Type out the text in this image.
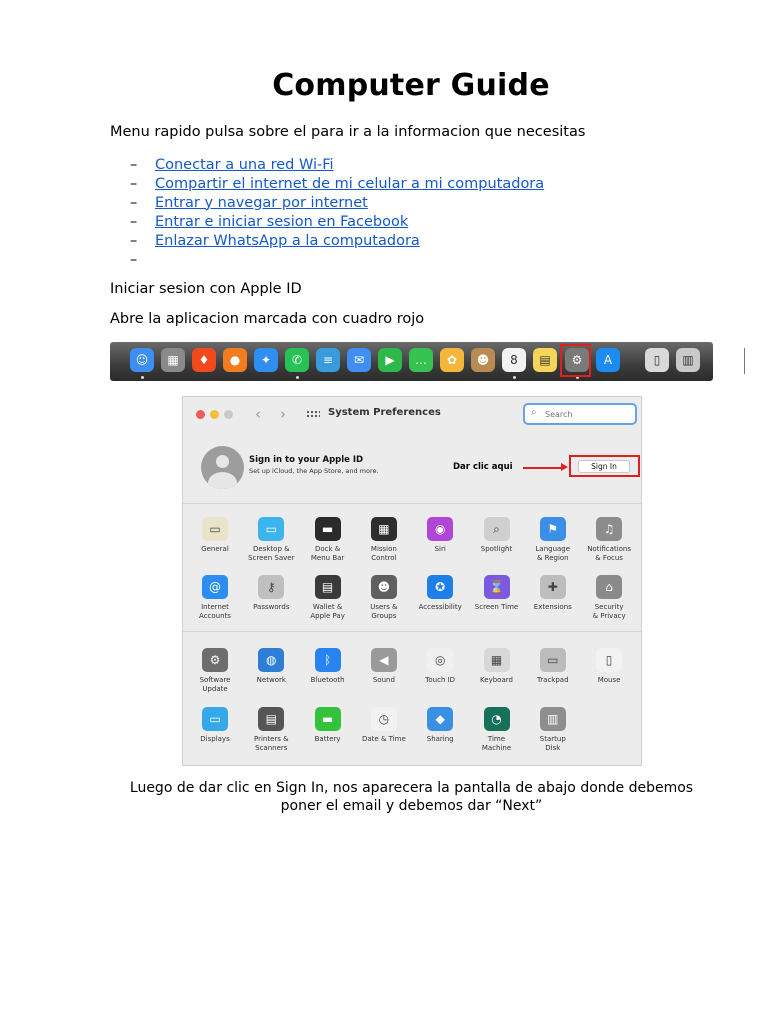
Computer Guide
Menu rapido pulsa sobre el para ir a la informacion que necesitas
–	Conectar a una red Wi-Fi
–	Compartir el internet de mi celular a mi computadora
–	Entrar y navegar por internet
–	Entrar e iniciar sesion en Facebook
–	Enlazar WhatsApp a la computadora
–
Iniciar sesion con Apple ID
Abre la aplicacion marcada con cuadro rojo
☺	▦	♦	●	✦	✆	≡	✉	▶	…	✿	☻	8	▤	⚙	A	▯	▥
‹ ›	System Preferences	⌕
Search
Sign in to your Apple ID
Set up iCloud, the App Store, and more.	Dar clic aqui	Sign In
▭
General
▭
Desktop &
Screen Saver
▬
Dock &
Menu Bar
▦
Mission
Control
◉
Siri
⌕
Spotlight
⚑
Language
& Region
♫
Notifications
& Focus
@
Internet
Accounts
⚷
Passwords
▤
Wallet &
Apple Pay
☻
Users &
Groups
✪
Accessibility
⌛
Screen Time
✚
Extensions
⌂
Security
& Privacy
⚙
Software
Update
◍
Network
ᛒ
Bluetooth
◀
Sound
◎
Touch ID
▦
Keyboard
▭
Trackpad
▯
Mouse
▭
Displays
▤
Printers &
Scanners
▬
Battery
◷
Date & Time
◆
Sharing
◔
Time
Machine
▥
Startup
Disk
Luego de dar clic en Sign In, nos aparecera la pantalla de abajo donde debemos poner el email y debemos dar “Next”
